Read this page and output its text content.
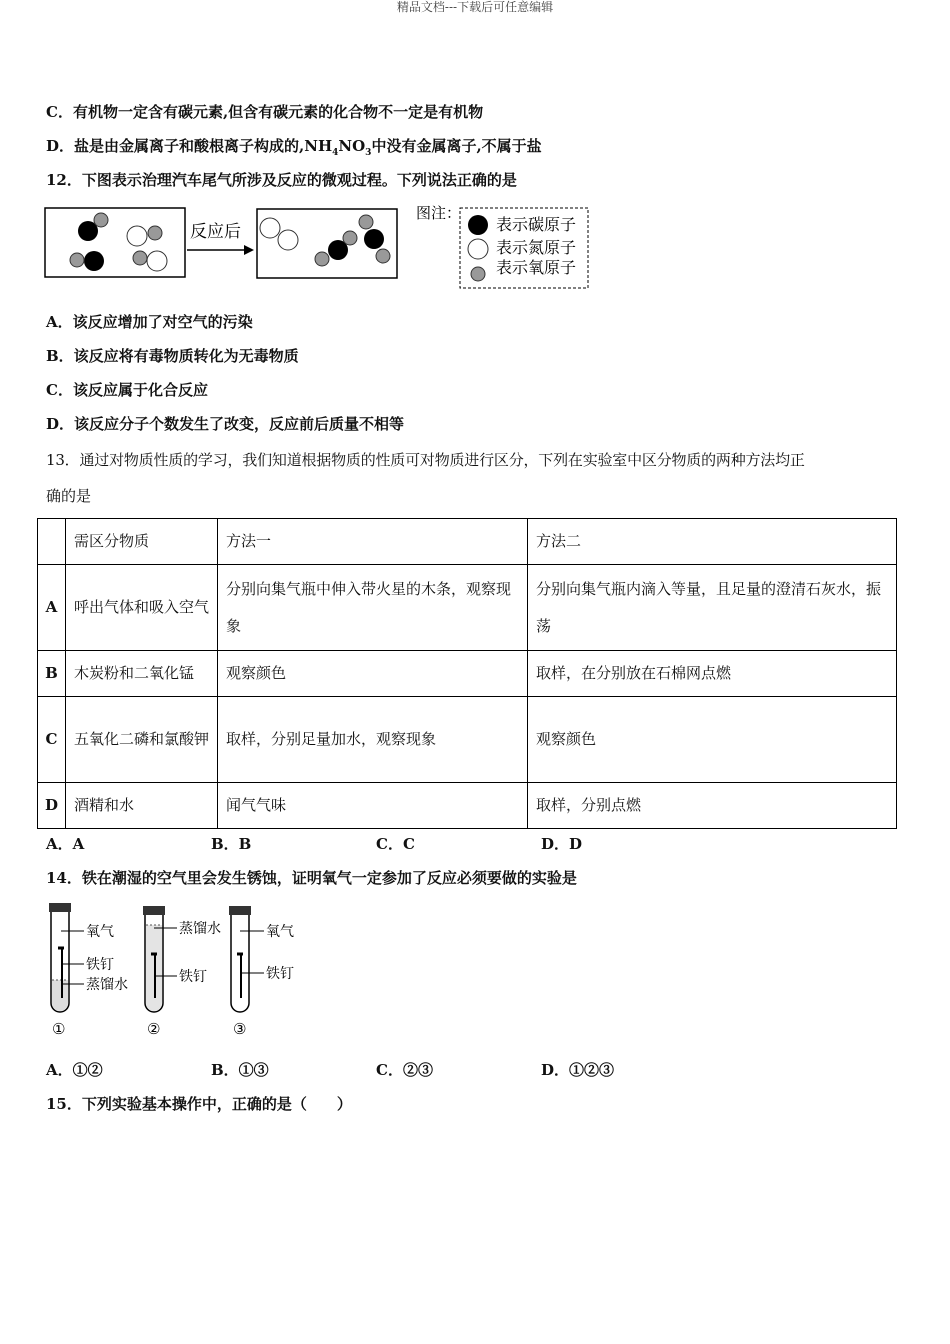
精品文档---下载后可任意编辑
C．有机物一定含有碳元素,但含有碳元素的化合物不一定是有机物
D．盐是由金属离子和酸根离子构成的$,NH_4NO_3$中没有金属离子,不属于盐
12．下图表示治理汽车尾气所涉及反应的微观过程。下列说法正确的是
反应后
图注：
表示碳原子
表示氮原子
表示氧原子
A．该反应增加了对空气的污染
B．该反应将有毒物质转化为无毒物质
C．该反应属于化合反应
D．该反应分子个数发生了改变，反应前后质量不相等
13．通过对物质性质的学习，我们知道根据物质的性质可对物质进行区分，下列在实验室中区分物质的两种方法均正
确的是
	需区分物质	方法一	方法二
A	呼出气体和吸入空气	分别向集气瓶中伸入带火星的木条，观察现象	分别向集气瓶内滴入等量，且足量的澄清石灰水，振荡
B	木炭粉和二氧化锰	观察颜色	取样，在分别放在石棉网点燃
C	五氧化二磷和氯酸钾	取样，分别足量加水，观察现象	观察颜色
D	酒精和水	闻气气味	取样，分别点燃
A．A	B．B	C．C	D．D
14．铁在潮湿的空气里会发生锈蚀，证明氧气一定参加了反应必须要做的实验是
氧气
铁钉
蒸馏水
①
蒸馏水
铁钉
②
氧气
铁钉
③
A．①②	B．①③	C．②③	D．①②③
15．下列实验基本操作中，正确的是（　　）
